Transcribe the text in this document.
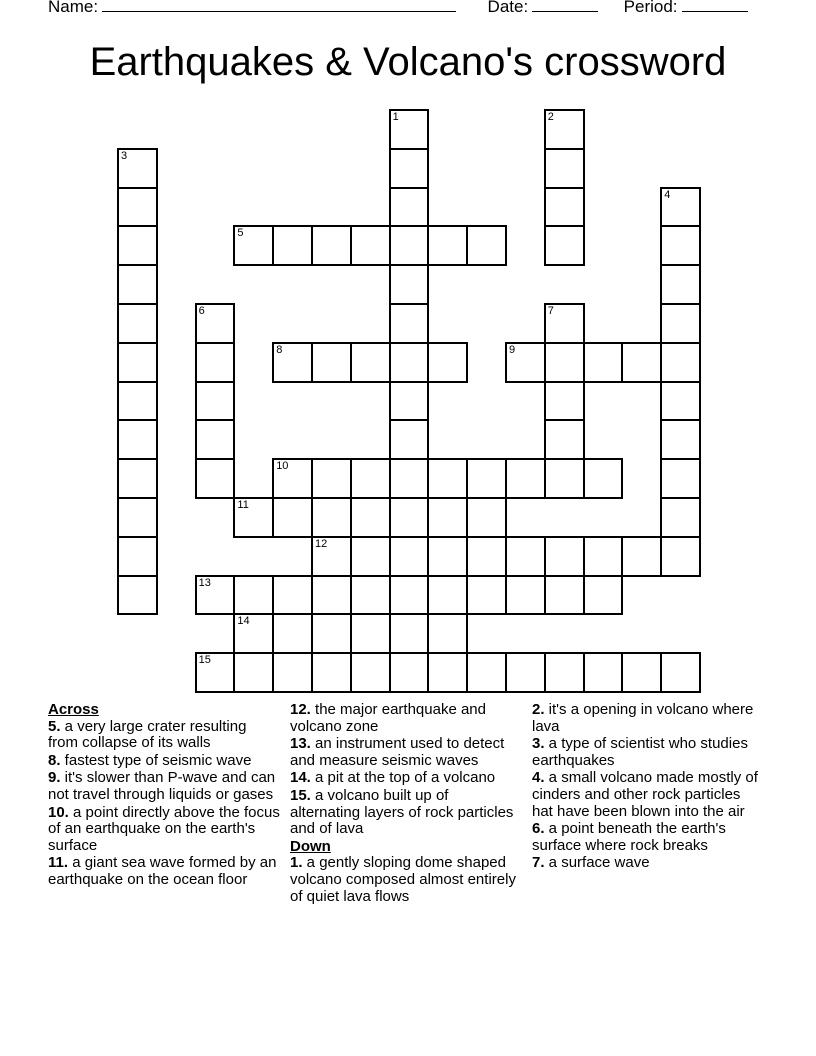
Name:	Date:	Period:
Earthquakes & Volcano's crossword
1	2
3
4
5
6	7
8	9
10
11
12
13
14
15
Across
5. a very large crater resulting from collapse of its walls
8. fastest type of seismic wave
9. it's slower than P-wave and can not travel through liquids or gases
10. a point directly above the focus of an earthquake on the earth's surface
11. a giant sea wave formed by an earthquake on the ocean floor
12. the major earthquake and volcano zone
13. an instrument used to detect and measure seismic waves
14. a pit at the top of a volcano
15. a volcano built up of alternating layers of rock particles and of lava
Down
1. a gently sloping dome shaped volcano composed almost entirely of quiet lava flows
2. it's a opening in volcano where lava
3. a type of scientist who studies earthquakes
4. a small volcano made mostly of cinders and other rock particles hat have been blown into the air
6. a point beneath the earth's surface where rock breaks
7. a surface wave
